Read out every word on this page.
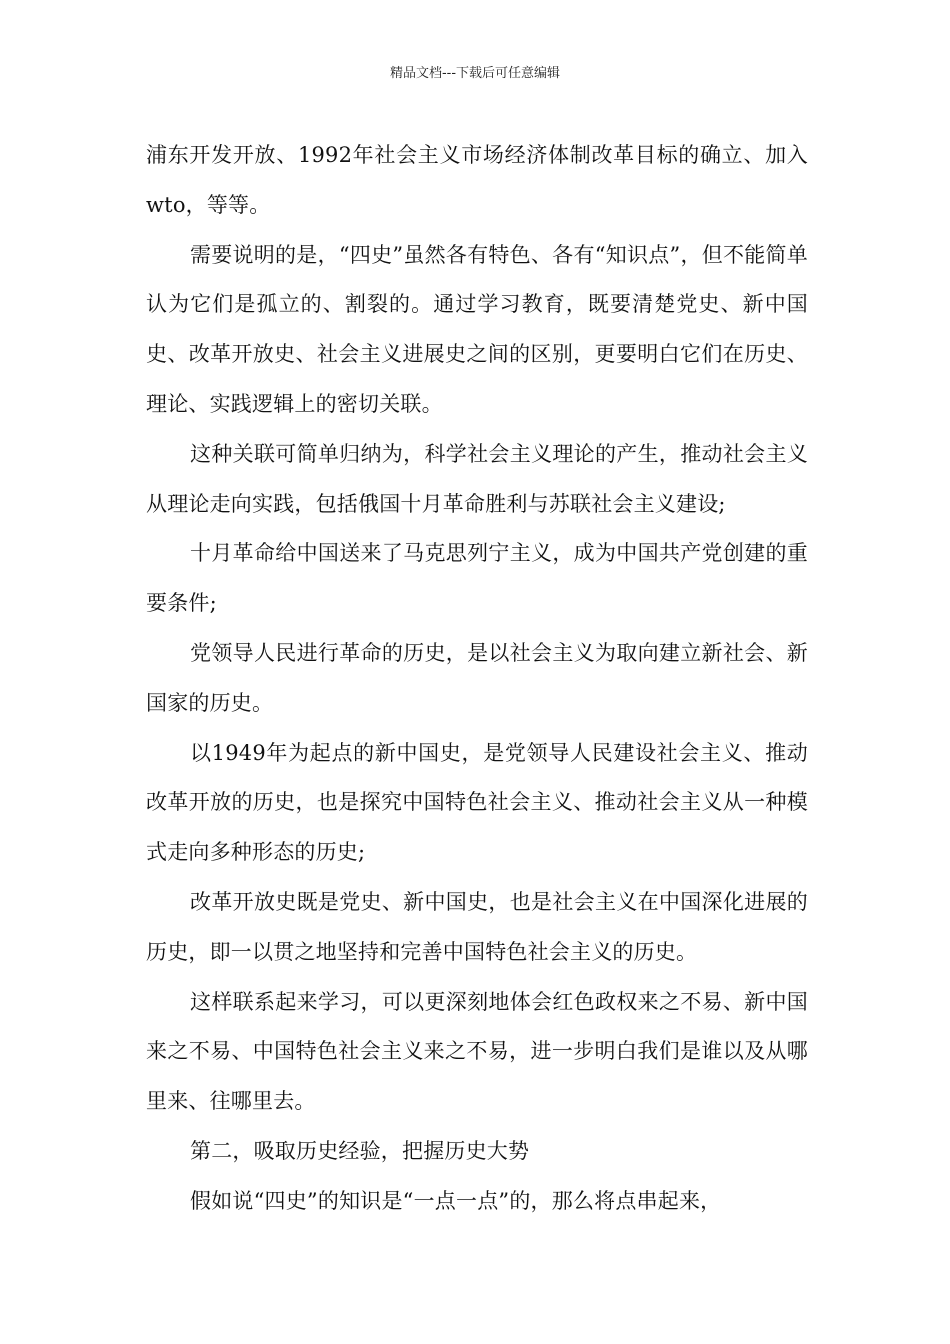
精品文档---下载后可任意编辑

浦东开发开放、1992年社会主义市场经济体制改革目标的确立、加入wto，等等。

需要说明的是，“四史”虽然各有特色、各有“知识点”，但不能简单认为它们是孤立的、割裂的。通过学习教育，既要清楚党史、新中国史、改革开放史、社会主义进展史之间的区别，更要明白它们在历史、理论、实践逻辑上的密切关联。

这种关联可简单归纳为，科学社会主义理论的产生，推动社会主义从理论走向实践，包括俄国十月革命胜利与苏联社会主义建设;

十月革命给中国送来了马克思列宁主义，成为中国共产党创建的重要条件;

党领导人民进行革命的历史，是以社会主义为取向建立新社会、新国家的历史。

以1949年为起点的新中国史，是党领导人民建设社会主义、推动改革开放的历史，也是探究中国特色社会主义、推动社会主义从一种模式走向多种形态的历史;

改革开放史既是党史、新中国史，也是社会主义在中国深化进展的历史，即一以贯之地坚持和完善中国特色社会主义的历史。

这样联系起来学习，可以更深刻地体会红色政权来之不易、新中国来之不易、中国特色社会主义来之不易，进一步明白我们是谁以及从哪里来、往哪里去。

第二，吸取历史经验，把握历史大势

假如说“四史”的知识是“一点一点”的，那么将点串起来，
